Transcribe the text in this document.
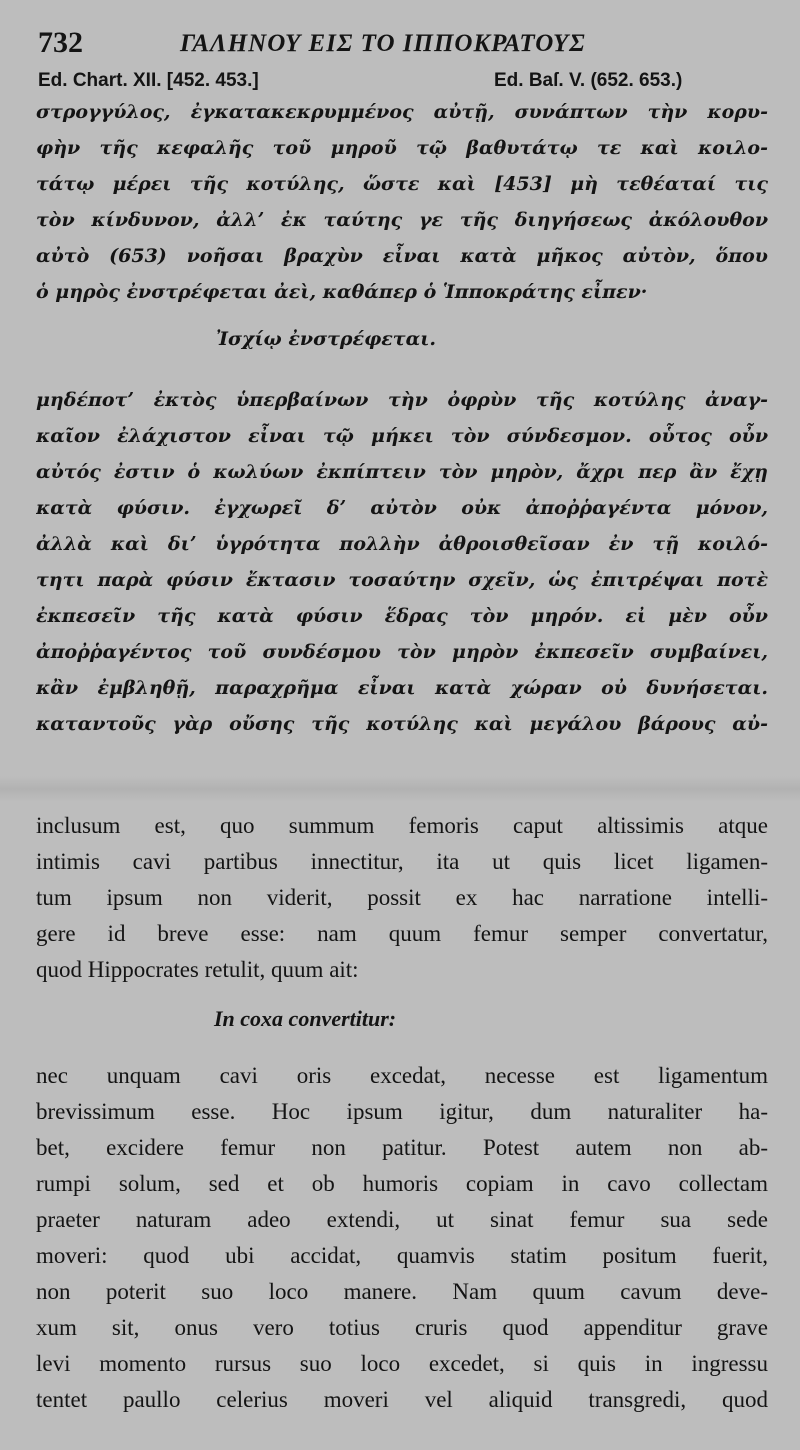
732	ΓΑΛΗΝΟΥ ΕΙΣ ΤΟ ΙΠΠΟΚΡΑΤΟΥΣ
Ed. Chart. XII. [452. 453.]	Ed. Baſ. V. (652. 653.)
στρογγύλος, ἐγκατακεκρυμμένος αὐτῇ, συνάπτων τὴν κορυ-
φὴν τῆς κεφαλῆς τοῦ μηροῦ τῷ βαθυτάτῳ τε καὶ κοιλο-
τάτῳ μέρει τῆς κοτύλης, ὥστε καὶ [453] μὴ τεθέαταί τις
τὸν κίνδυνον, ἀλλʼ ἐκ ταύτης γε τῆς διηγήσεως ἀκόλουθον
αὐτὸ (653) νοῆσαι βραχὺν εἶναι κατὰ μῆκος αὐτὸν, ὅπου
ὁ μηρὸς ἐνστρέφεται ἀεὶ, καθάπερ ὁ Ἱπποκράτης εἶπεν·
Ἰσχίῳ ἐνστρέφεται.
μηδέποτʼ ἐκτὸς ὑπερβαίνων τὴν ὀφρὺν τῆς κοτύλης ἀναγ-
καῖον ἐλάχιστον εἶναι τῷ μήκει τὸν σύνδεσμον. οὗτος οὖν
αὐτός ἐστιν ὁ κωλύων ἐκπίπτειν τὸν μηρὸν, ἄχρι περ ἂν ἔχῃ
κατὰ φύσιν. ἐγχωρεῖ δʼ αὐτὸν οὐκ ἀποῤῥαγέντα μόνον,
ἀλλὰ καὶ διʼ ὑγρότητα πολλὴν ἀθροισθεῖσαν ἐν τῇ κοιλό-
τητι παρὰ φύσιν ἔκτασιν τοσαύτην σχεῖν, ὡς ἐπιτρέψαι ποτὲ
ἐκπεσεῖν τῆς κατὰ φύσιν ἕδρας τὸν μηρόν. εἰ μὲν οὖν
ἀποῤῥαγέντος τοῦ συνδέσμου τὸν μηρὸν ἐκπεσεῖν συμβαίνει,
κἂν ἐμβληθῇ, παραχρῆμα εἶναι κατὰ χώραν οὐ δυνήσεται.
καταντοῦς γὰρ οὔσης τῆς κοτύλης καὶ μεγάλου βάρους αὐ-
inclusum est, quo summum femoris caput altissimis atque
intimis cavi partibus innectitur, ita ut quis licet ligamen-
tum ipsum non viderit, possit ex hac narratione intelli-
gere id breve esse: nam quum femur semper convertatur,
quod Hippocrates retulit, quum ait:
In coxa convertitur:
nec unquam cavi oris excedat, necesse est ligamentum
brevissimum esse. Hoc ipsum igitur, dum naturaliter ha-
bet, excidere femur non patitur. Potest autem non ab-
rumpi solum, sed et ob humoris copiam in cavo collectam
praeter naturam adeo extendi, ut sinat femur sua sede
moveri: quod ubi accidat, quamvis statim positum fuerit,
non poterit suo loco manere. Nam quum cavum deve-
xum sit, onus vero totius cruris quod appenditur grave
levi momento rursus suo loco excedet, si quis in ingressu
tentet paullo celerius moveri vel aliquid transgredi, quod
